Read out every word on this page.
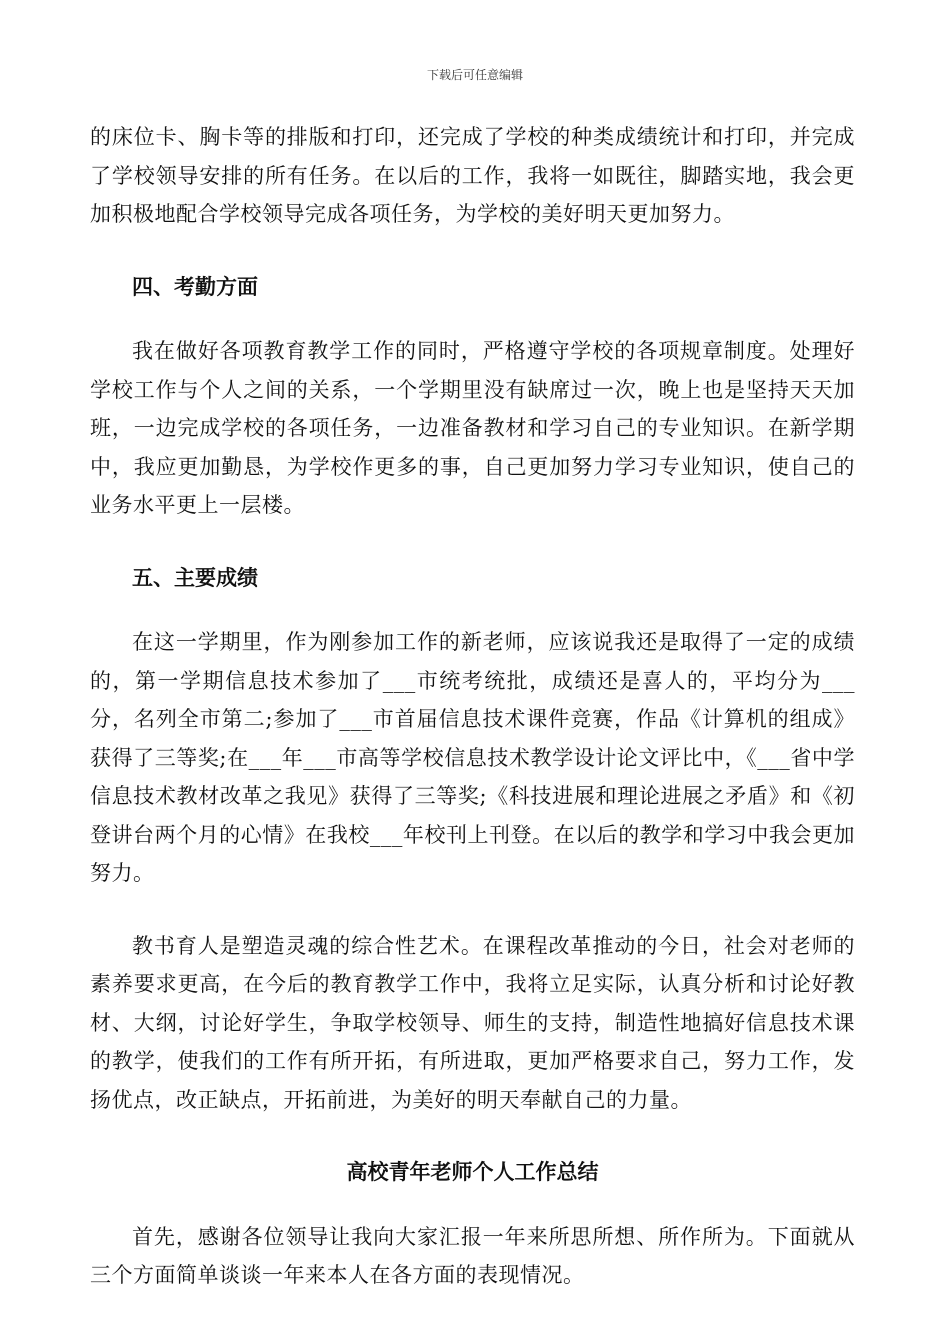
下载后可任意编辑

的床位卡、胸卡等的排版和打印，还完成了学校的种类成绩统计和打印，并完成了学校领导安排的所有任务。在以后的工作，我将一如既往，脚踏实地，我会更加积极地配合学校领导完成各项任务，为学校的美好明天更加努力。

四、考勤方面

我在做好各项教育教学工作的同时，严格遵守学校的各项规章制度。处理好学校工作与个人之间的关系，一个学期里没有缺席过一次，晚上也是坚持天天加班，一边完成学校的各项任务，一边准备教材和学习自己的专业知识。在新学期中，我应更加勤恳，为学校作更多的事，自己更加努力学习专业知识，使自己的业务水平更上一层楼。

五、主要成绩

在这一学期里，作为刚参加工作的新老师，应该说我还是取得了一定的成绩的，第一学期信息技术参加了___市统考统批，成绩还是喜人的，平均分为___分，名列全市第二;参加了___市首届信息技术课件竞赛，作品《计算机的组成》获得了三等奖;在___年___市高等学校信息技术教学设计论文评比中，《___省中学信息技术教材改革之我见》获得了三等奖;《科技进展和理论进展之矛盾》和《初登讲台两个月的心情》在我校___年校刊上刊登。在以后的教学和学习中我会更加努力。

教书育人是塑造灵魂的综合性艺术。在课程改革推动的今日，社会对老师的素养要求更高，在今后的教育教学工作中，我将立足实际，认真分析和讨论好教材、大纲，讨论好学生，争取学校领导、师生的支持，制造性地搞好信息技术课的教学，使我们的工作有所开拓，有所进取，更加严格要求自己，努力工作，发扬优点，改正缺点，开拓前进，为美好的明天奉献自己的力量。

高校青年老师个人工作总结

首先，感谢各位领导让我向大家汇报一年来所思所想、所作所为。下面就从三个方面简单谈谈一年来本人在各方面的表现情况。
